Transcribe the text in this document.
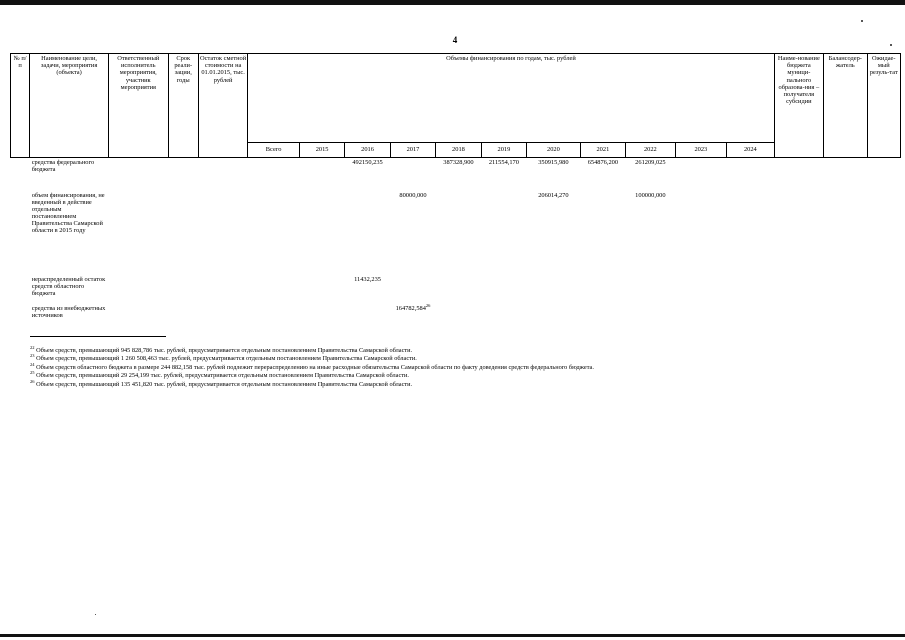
4
№ п/п	Наименование цели, задачи, мероприятия (объекта)	Ответственный исполнитель мероприятия, участник мероприятия	Срок реали-зации, годы	Остаток сметной стоимости на 01.01.2015, тыс. рублей	Объемы финансирования по годам, тыс. рублей											Наиме-нование бюджета муници-пального образова-ния – получателя субсидии	Балансодер-жатель	Ожидае-мый резуль-тат
					Всего	2015	2016	2017	2018	2019	2020	2021	2022	2023	2024			
	средства федерального бюджета						492150,235		387328,900	211554,170	350915,980	654876,200	261209,025					
	объем финансирования, не введенный в действие отдельным постановлением Правительства Самарской области в 2015 году							80000,000			206014,270		100000,000					
	нераспределенный остаток средств областного бюджета						11432,235											
	средства из внебюджетных источников							164782,584$^{26}$										
$^{22}$ Объем средств, превышающий 945 828,786 тыс. рублей, предусматривается отдельным постановлением Правительства Самарской области.
$^{23}$ Объем средств, превышающий 1 260 508,463 тыс. рублей, предусматривается отдельным постановлением Правительства Самарской области.
$^{24}$ Объем средств областного бюджета в размере 244 882,158 тыс. рублей подлежит перераспределению на иные расходные обязательства Самарской области по факту доведения средств федерального бюджета.
$^{25}$ Объем средств, превышающий 29 254,199 тыс. рублей, предусматривается отдельным постановлением Правительства Самарской области.
$^{26}$ Объем средств, превышающий 135 451,820 тыс. рублей, предусматривается отдельным постановлением Правительства Самарской области.
